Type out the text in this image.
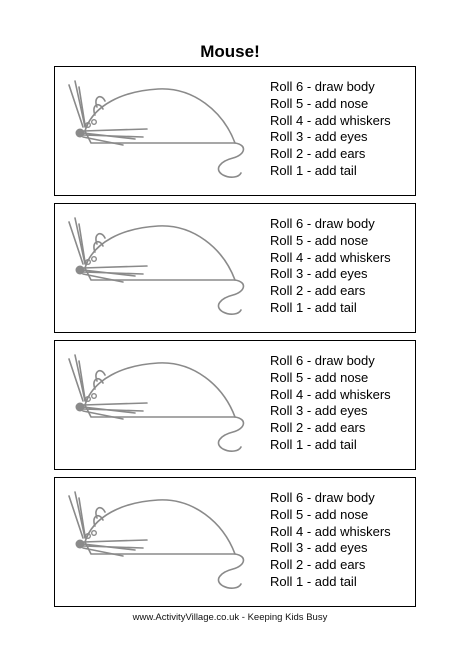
Mouse!
Roll 6 - draw body
Roll 5 - add nose
Roll 4 - add whiskers
Roll 3 - add eyes
Roll 2 - add ears
Roll 1 - add tail
Roll 6 - draw body
Roll 5 - add nose
Roll 4 - add whiskers
Roll 3 - add eyes
Roll 2 - add ears
Roll 1 - add tail
Roll 6 - draw body
Roll 5 - add nose
Roll 4 - add whiskers
Roll 3 - add eyes
Roll 2 - add ears
Roll 1 - add tail
Roll 6 - draw body
Roll 5 - add nose
Roll 4 - add whiskers
Roll 3 - add eyes
Roll 2 - add ears
Roll 1 - add tail
www.ActivityVillage.co.uk - Keeping Kids Busy
